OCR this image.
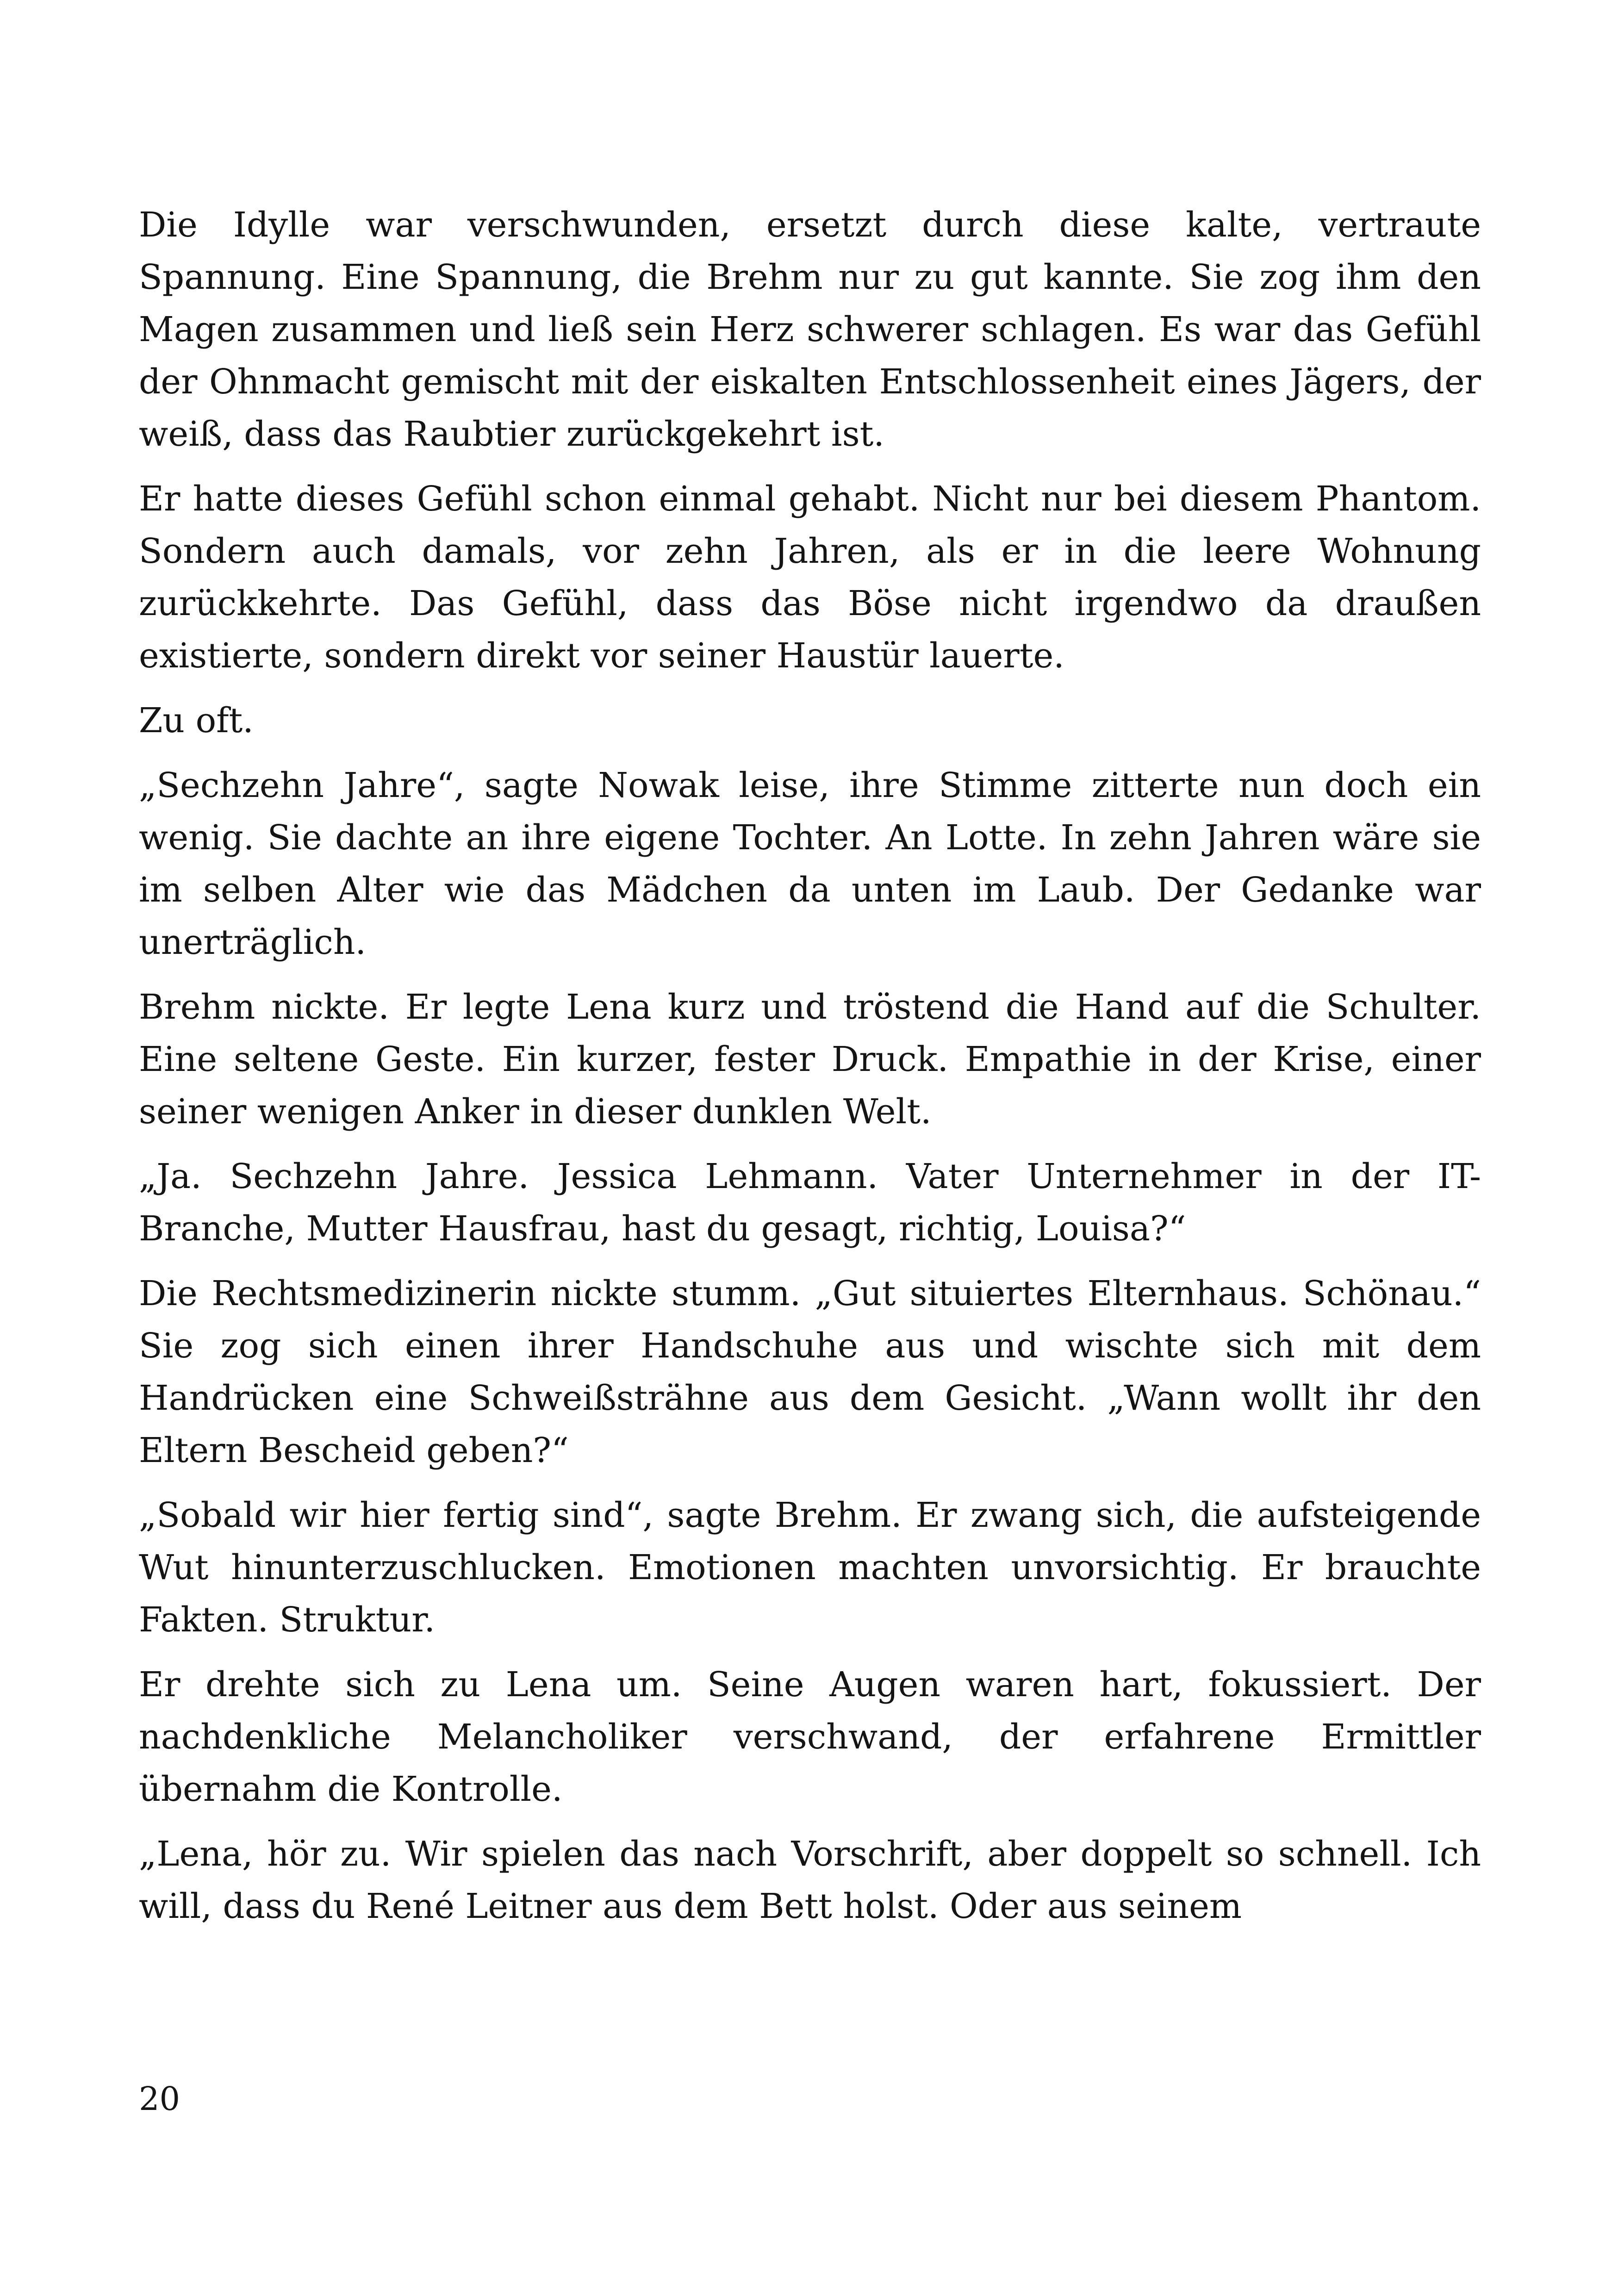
Die Idylle war verschwunden, ersetzt durch diese kalte, vertraute Spannung. Eine Spannung, die Brehm nur zu gut kannte. Sie zog ihm den Magen zusammen und ließ sein Herz schwerer schlagen. Es war das Gefühl der Ohnmacht gemischt mit der eiskalten Entschlossenheit eines Jägers, der weiß, dass das Raubtier zurückgekehrt ist.

Er hatte dieses Gefühl schon einmal gehabt. Nicht nur bei diesem Phantom. Sondern auch damals, vor zehn Jahren, als er in die leere Wohnung zurückkehrte. Das Gefühl, dass das Böse nicht irgendwo da draußen existierte, sondern direkt vor seiner Haustür lauerte.

Zu oft.

„Sechzehn Jahre“, sagte Nowak leise, ihre Stimme zitterte nun doch ein wenig. Sie dachte an ihre eigene Tochter. An Lotte. In zehn Jahren wäre sie im selben Alter wie das Mädchen da unten im Laub. Der Gedanke war unerträglich.

Brehm nickte. Er legte Lena kurz und tröstend die Hand auf die Schulter. Eine seltene Geste. Ein kurzer, fester Druck. Empathie in der Krise, einer seiner wenigen Anker in dieser dunklen Welt.

„Ja. Sechzehn Jahre. Jessica Lehmann. Vater Unternehmer in der IT-Branche, Mutter Hausfrau, hast du gesagt, richtig, Louisa?“

Die Rechtsmedizinerin nickte stumm. „Gut situiertes Elternhaus. Schönau.“ Sie zog sich einen ihrer Handschuhe aus und wischte sich mit dem Handrücken eine Schweißsträhne aus dem Gesicht. „Wann wollt ihr den Eltern Bescheid geben?“

„Sobald wir hier fertig sind“, sagte Brehm. Er zwang sich, die aufsteigende Wut hinunterzuschlucken. Emotionen machten unvorsichtig. Er brauchte Fakten. Struktur.

Er drehte sich zu Lena um. Seine Augen waren hart, fokussiert. Der nachdenkliche Melancholiker verschwand, der erfahrene Ermittler übernahm die Kontrolle.

„Lena, hör zu. Wir spielen das nach Vorschrift, aber doppelt so schnell. Ich will, dass du René Leitner aus dem Bett holst. Oder aus seinem

20
